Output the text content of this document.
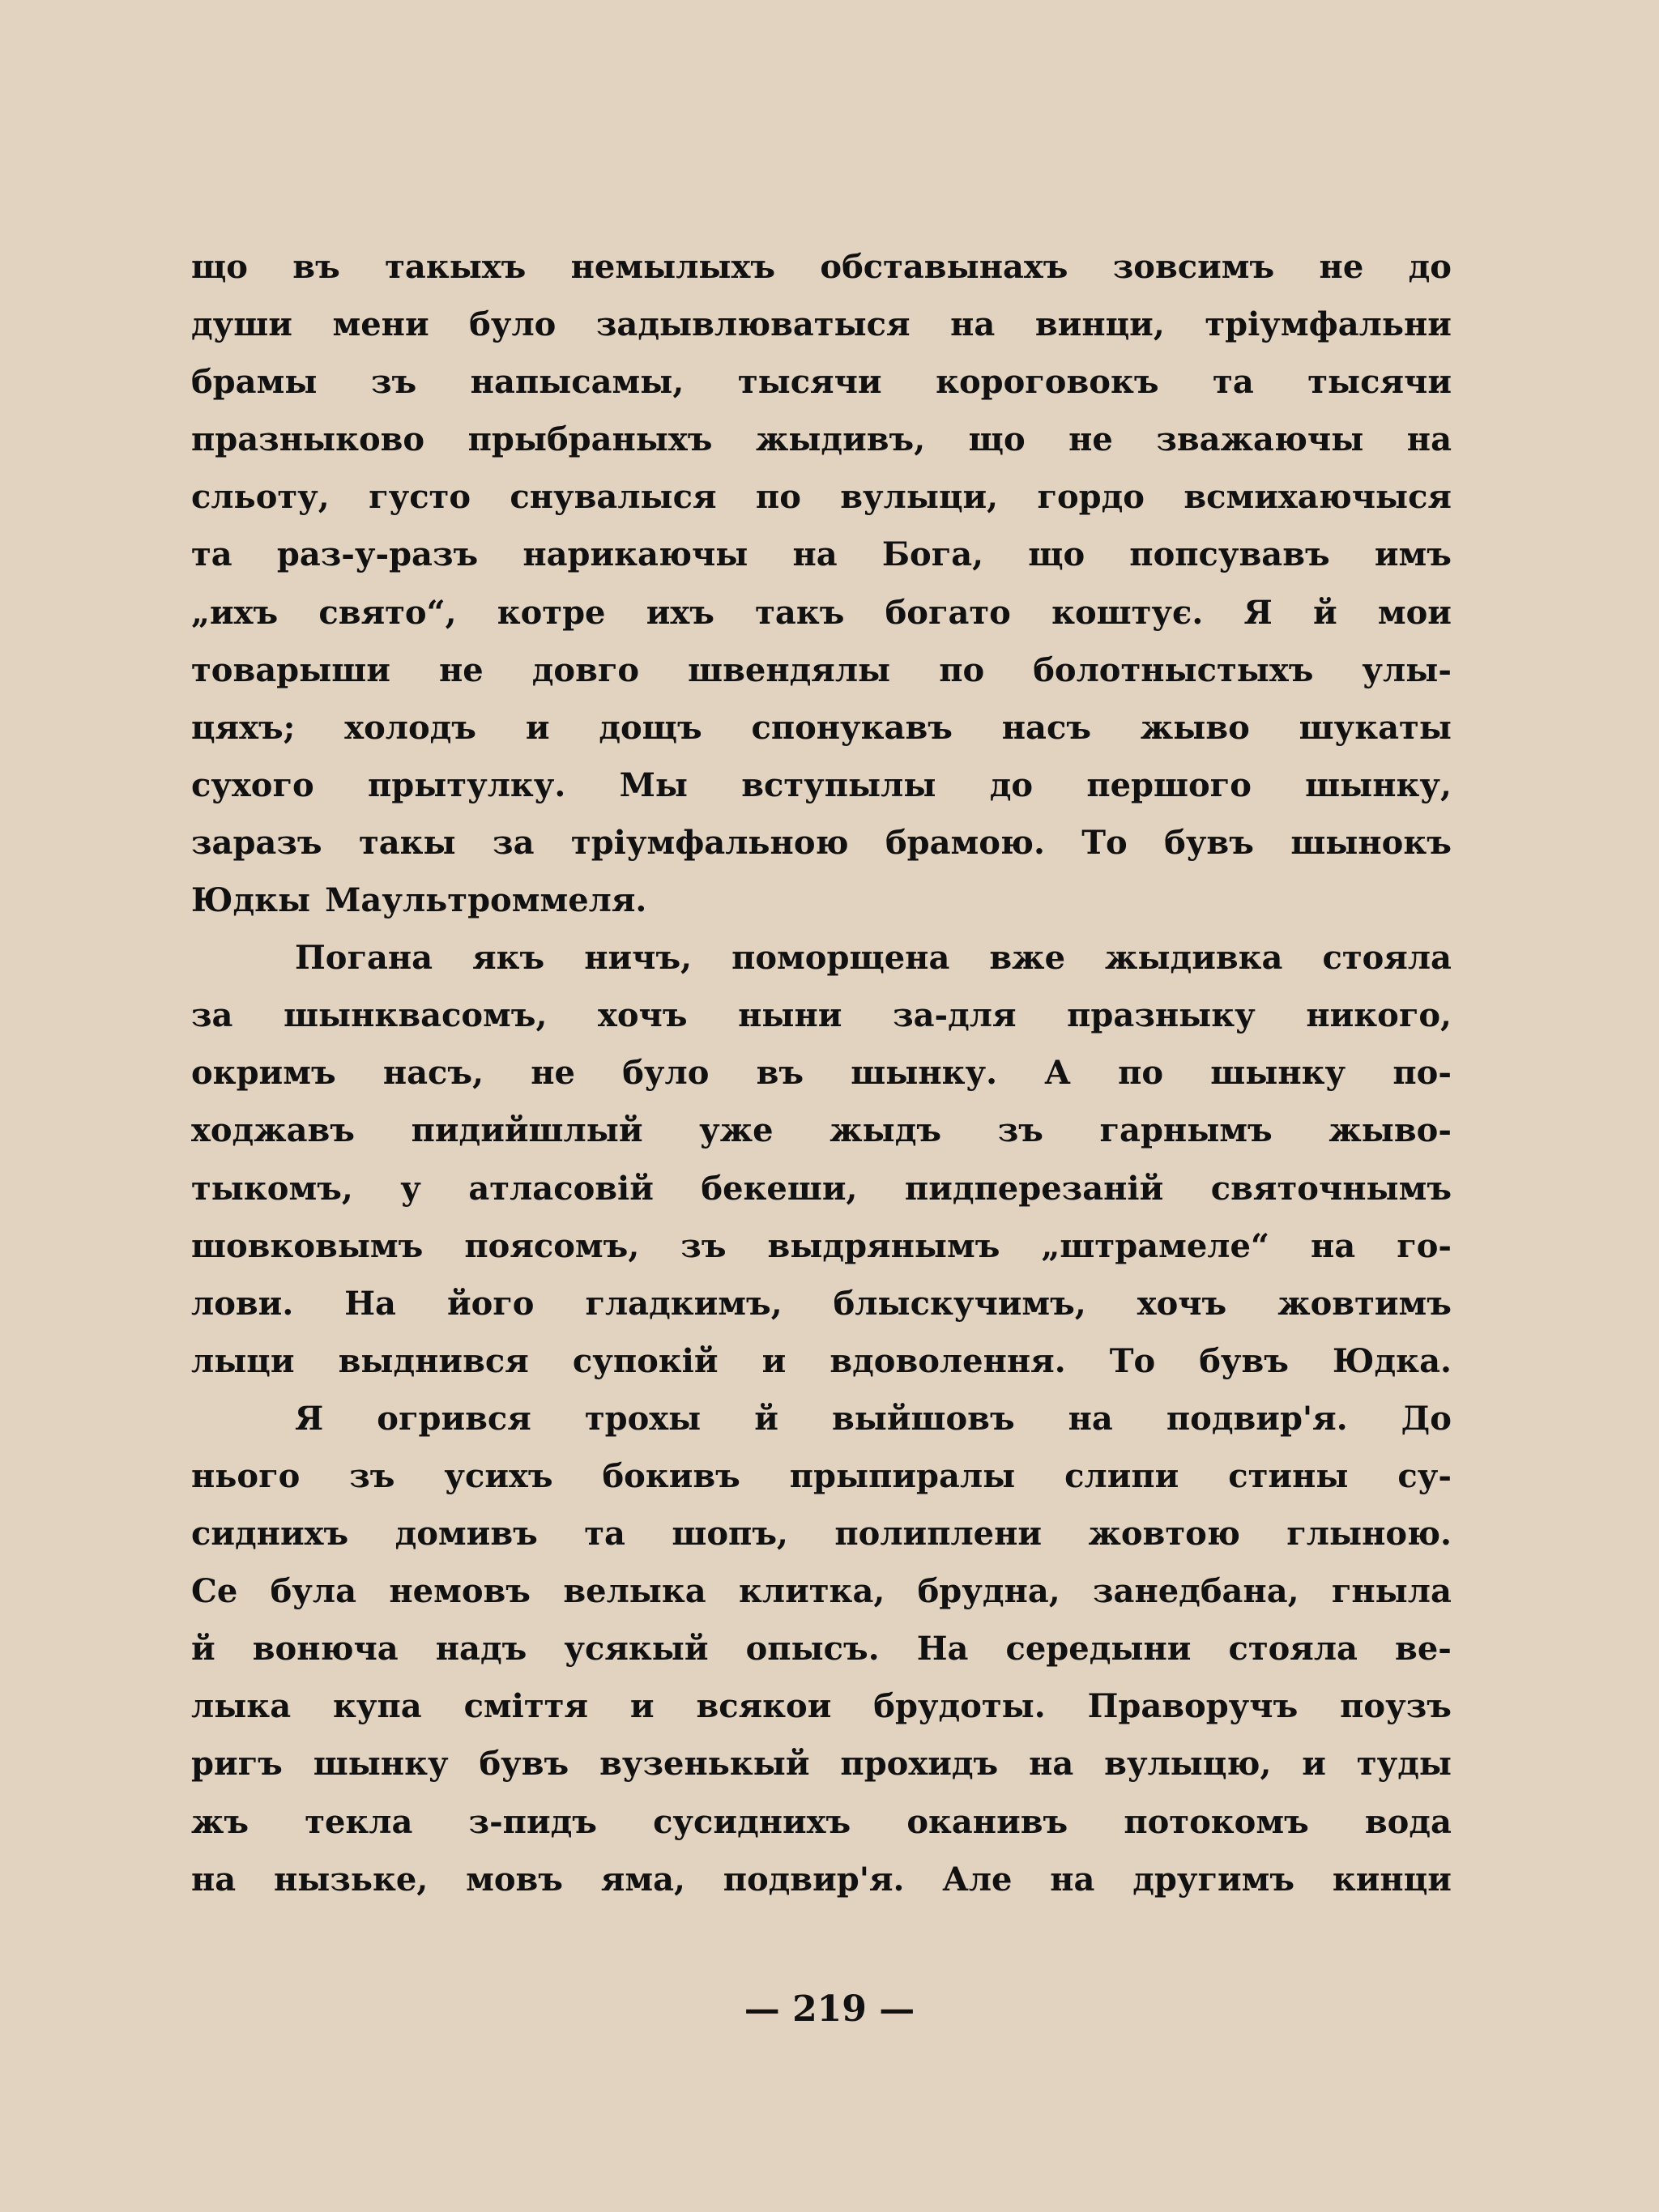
що въ такыхъ немылыхъ обставынахъ зовсимъ не до
души мени було задывлюватыся на винци, тріумфальни
брамы зъ напысамы, тысячи короговокъ та тысячи
празныково прыбраныхъ жыдивъ, що не зважаючы на
сльоту, густо снувалыся по вулыци, гордо всмихаючыся
та раз-у-разъ нарикаючы на Бога, що попсувавъ имъ
„ихъ свято“, котре ихъ такъ богато коштує. Я й мои
товарыши не довго швендялы по болотныстыхъ улы-
цяхъ; холодъ и дощъ спонукавъ насъ жыво шукаты
сухого прытулку. Мы вступылы до першого шынку,
заразъ такы за тріумфальною брамою. То бувъ шынокъ
Юдкы Маультроммеля.
Погана якъ ничъ, поморщена вже жыдивка стояла
за шынквасомъ, хочъ ныни за-для празныку никого,
окримъ насъ, не було въ шынку. А по шынку по-
ходжавъ пидийшлый уже жыдъ зъ гарнымъ жыво-
тыкомъ, у атласовій бекеши, пидперезаній святочнымъ
шовковымъ поясомъ, зъ выдрянымъ „штрамеле“ на го-
лови. На його гладкимъ, блыскучимъ, хочъ жовтимъ
лыци выднився супокій и вдоволення. То бувъ Юдка.
Я огрився трохы й выйшовъ на подвир'я. До
нього зъ усихъ бокивъ прыпиралы слипи стины су-
сиднихъ домивъ та шопъ, полиплени жовтою глыною.
Се була немовъ велыка клитка, брудна, занедбана, гныла
й вонюча надъ усякый опысъ. На середыни стояла ве-
лыка купа сміття и всякои брудоты. Праворучъ поузъ
ригъ шынку бувъ вузенькый прохидъ на вулыцю, и туды
жъ текла з-пидъ сусиднихъ оканивъ потокомъ вода
на нызьке, мовъ яма, подвир'я. Але на другимъ кинци
— 219 —
